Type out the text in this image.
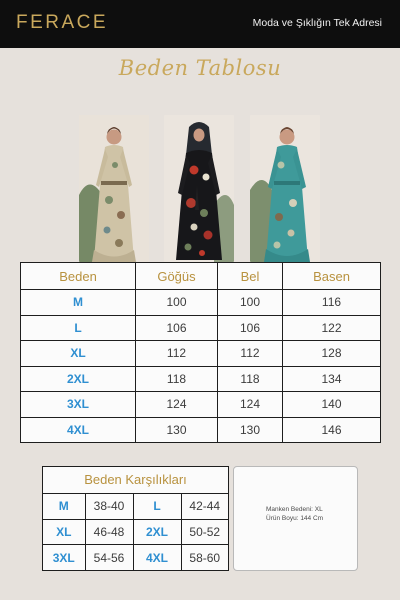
FERACE	Moda ve Şıklığın Tek Adresi
Beden Tablosu
Beden	Göğüs	Bel	Basen
M	100	100	116
L	106	106	122
XL	112	112	128
2XL	118	118	134
3XL	124	124	140
4XL	130	130	146
Beden Karşılıkları
M	38-40	L	42-44
XL	46-48	2XL	50-52
3XL	54-56	4XL	58-60
Manken Bedeni: XL
Ürün Boyu: 144 Cm
